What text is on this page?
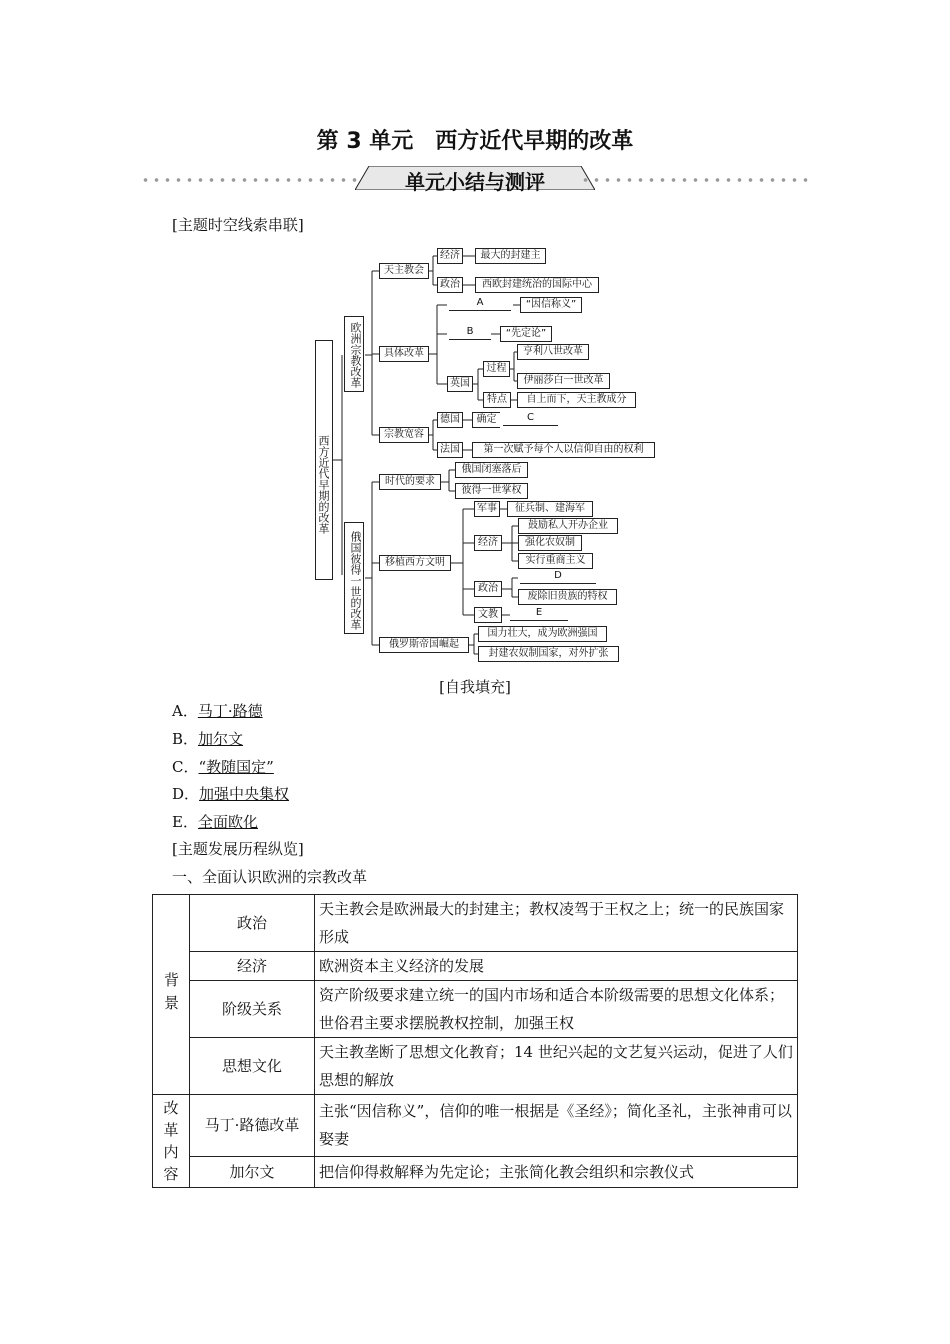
第 3 单元　西方近代早期的改革
单元小结与测评
[主题时空线索串联]
西方近代早期的改革
欧洲宗教改革
俄国彼得一世的改革
天主教会
经济	最大的封建主
政治	西欧封建统治的国际中心
具体改革
A	“因信称义”
B	“先定论”
英国
过程
亨利八世改革
伊丽莎白一世改革
特点	自上而下，天主教成分
宗教宽容
德国	确定	C
法国	第一次赋予每个人以信仰自由的权利
时代的要求
俄国闭塞落后
彼得一世掌权
移植西方文明
军事	征兵制、建海军
经济
鼓励私人开办企业
强化农奴制
实行重商主义
政治
D
废除旧贵族的特权
文教	E
俄罗斯帝国崛起
国力壮大，成为欧洲强国
封建农奴制国家，对外扩张
[自我填充]
A．马丁·路德
B．加尔文
C．“教随国定”
D．加强中央集权
E．全面欧化
[主题发展历程纵览]
一、全面认识欧洲的宗教改革
背景	政治	天主教会是欧洲最大的封建主；教权凌驾于王权之上；统一的民族国家形成
	经济	欧洲资本主义经济的发展
	阶级关系	资产阶级要求建立统一的国内市场和适合本阶级需要的思想文化体系；世俗君主要求摆脱教权控制，加强王权
	思想文化	天主教垄断了思想文化教育；14 世纪兴起的文艺复兴运动，促进了人们思想的解放
改革内容	马丁·路德改革	主张“因信称义”，信仰的唯一根据是《圣经》；简化圣礼，主张神甫可以娶妻
	加尔文	把信仰得救解释为先定论；主张简化教会组织和宗教仪式
